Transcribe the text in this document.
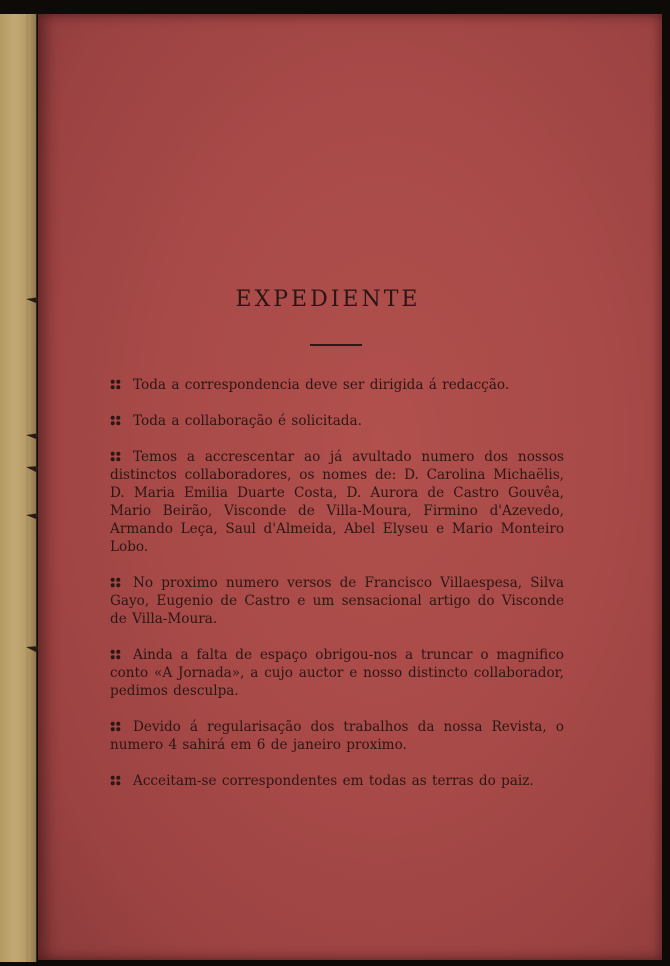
EXPEDIENTE
Toda a correspondencia deve ser dirigida á redacção.
Toda a collaboração é solicitada.
Temos a accrescentar ao já avultado numero dos nossos distinctos collaboradores, os nomes de: D. Carolina Michaëlis, D. Maria Emilia Duarte Costa, D. Aurora de Castro Gouvêa, Mario Beirão, Visconde de Villa-Moura, Firmino d'Azevedo, Armando Leça, Saul d'Almeida, Abel Elyseu e Mario Monteiro Lobo.
No proximo numero versos de Francisco Villaespesa, Silva Gayo, Eugenio de Castro e um sensacional artigo do Visconde de Villa-Moura.
Ainda a falta de espaço obrigou-nos a truncar o magnifico conto «A Jornada», a cujo auctor e nosso distincto collaborador, pedimos desculpa.
Devido á regularisação dos trabalhos da nossa Revista, o numero 4 sahirá em 6 de janeiro proximo.
Acceitam-se correspondentes em todas as terras do paiz.
